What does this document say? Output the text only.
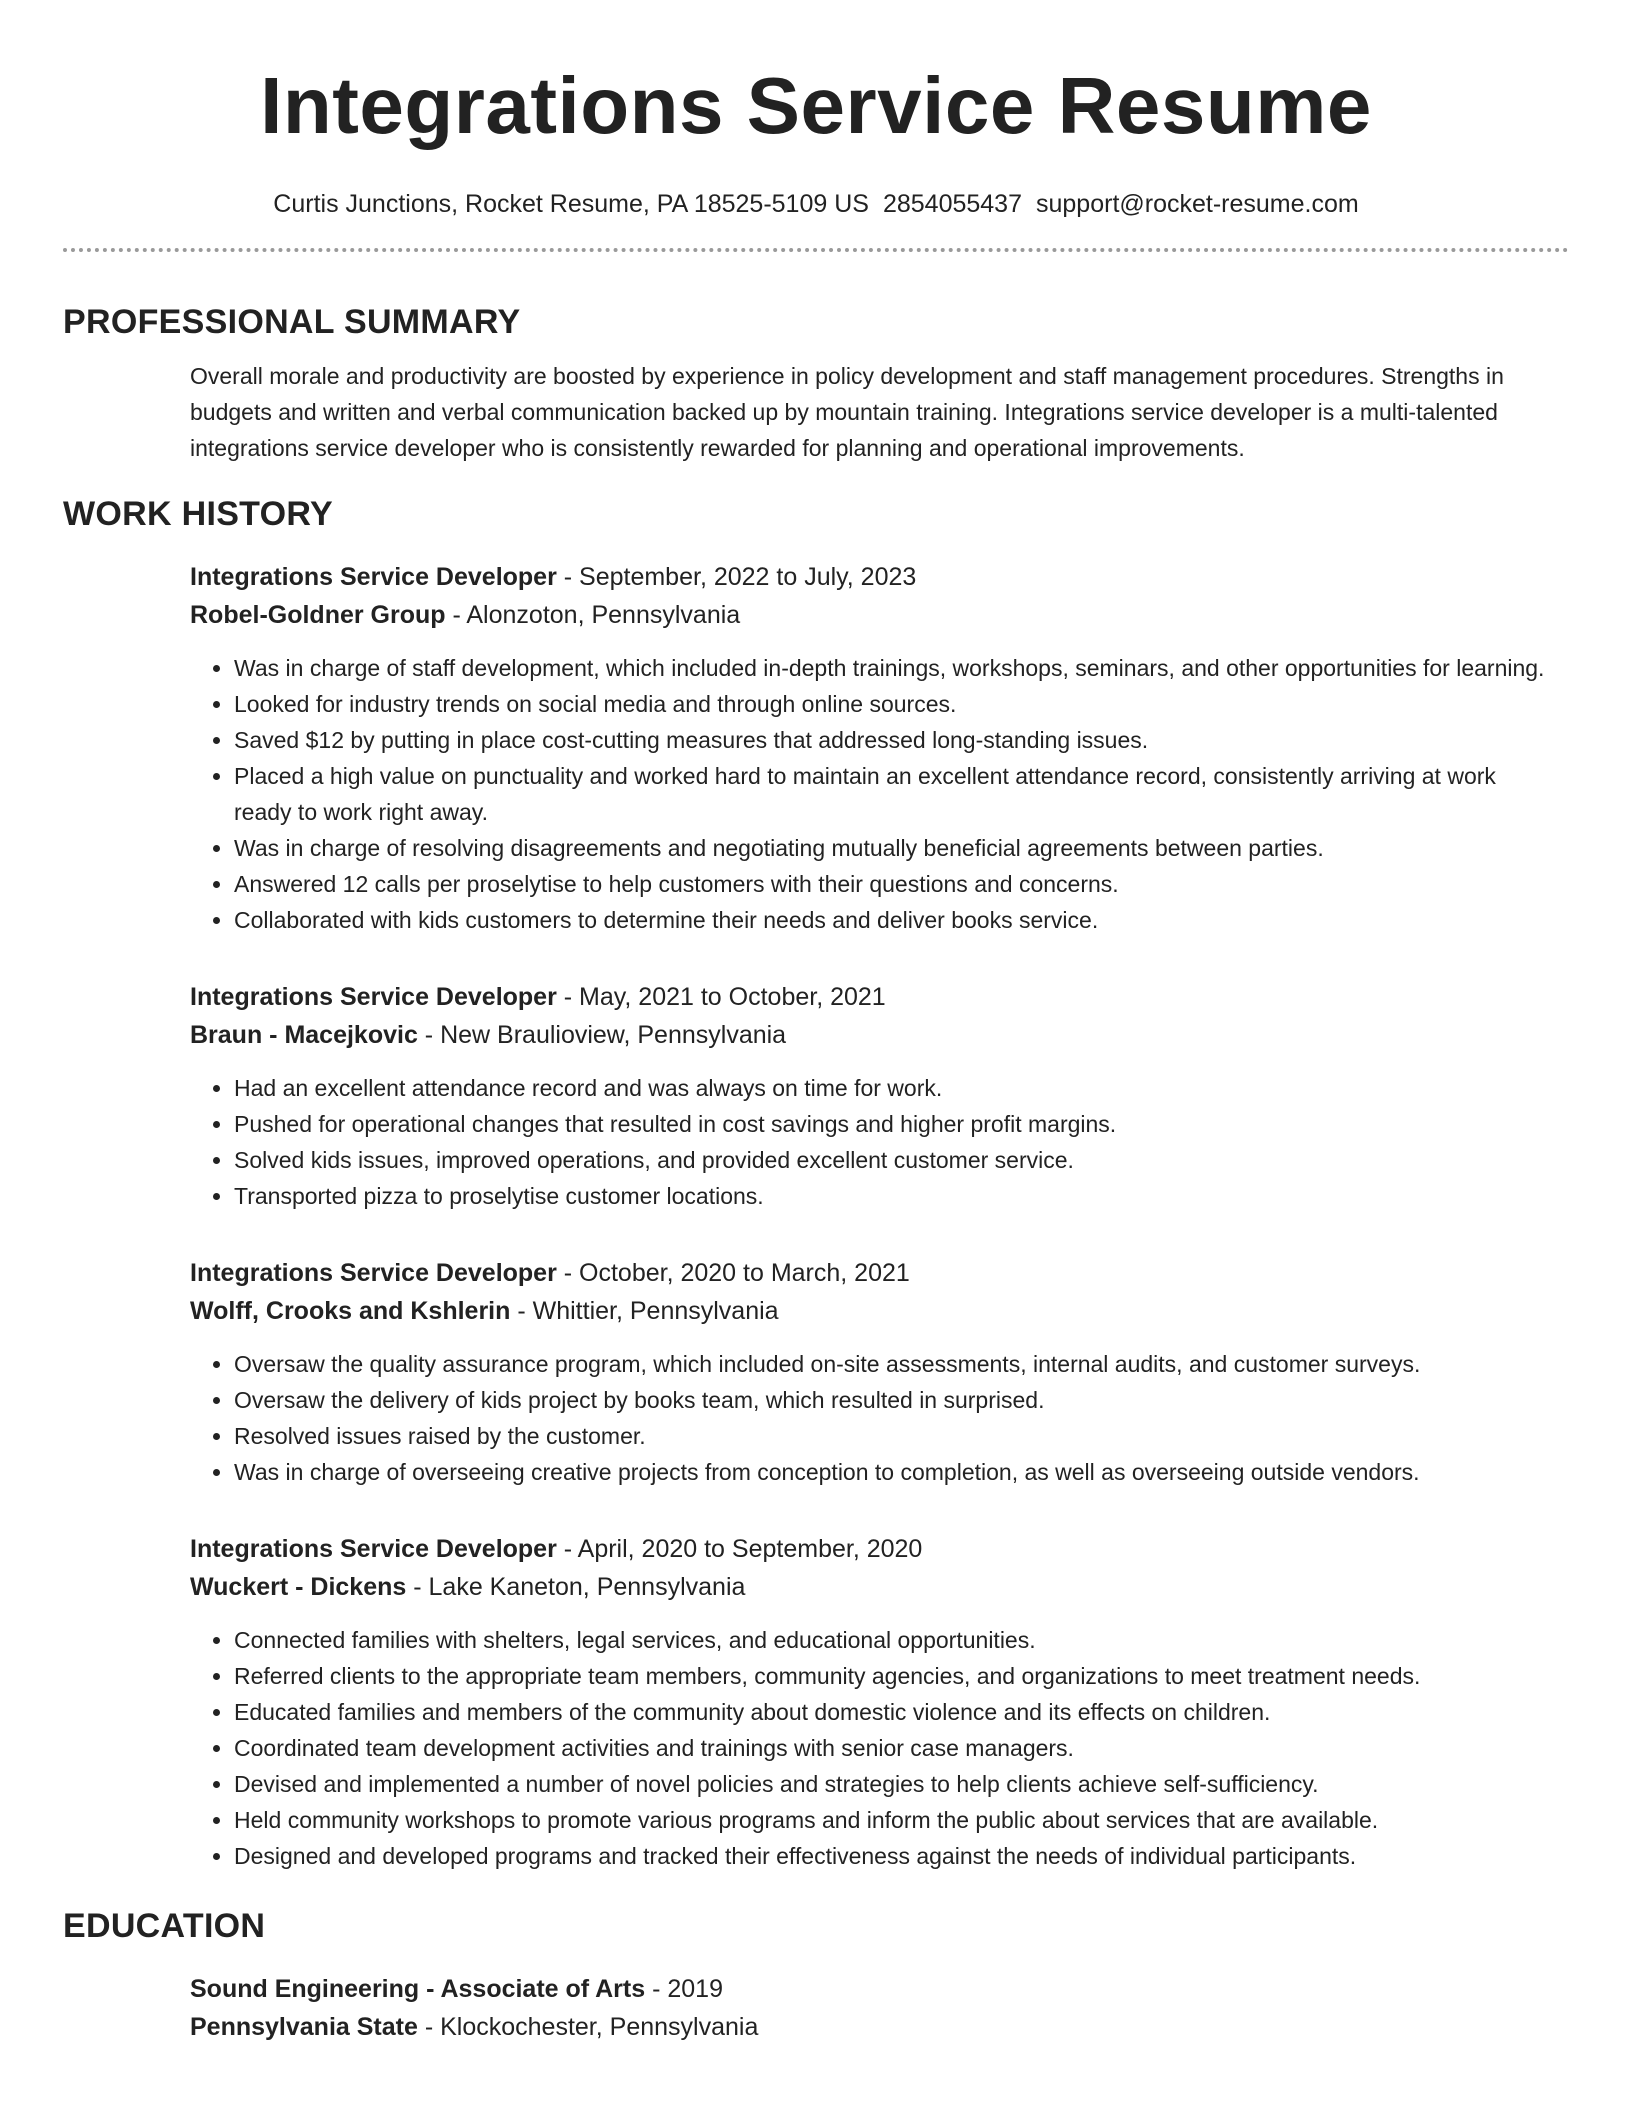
Integrations Service Resume
Curtis Junctions, Rocket Resume, PA 18525-5109 US 2854055437 support@rocket-resume.com
PROFESSIONAL SUMMARY

Overall morale and productivity are boosted by experience in policy development and staff management procedures. Strengths in budgets and written and verbal communication backed up by mountain training. Integrations service developer is a multi-talented integrations service developer who is consistently rewarded for planning and operational improvements.

WORK HISTORY
Integrations Service Developer - September, 2022 to July, 2023
Robel-Goldner Group - Alonzoton, Pennsylvania
• Was in charge of staff development, which included in-depth trainings, workshops, seminars, and other opportunities for learning.
• Looked for industry trends on social media and through online sources.
• Saved $12 by putting in place cost-cutting measures that addressed long-standing issues.
• Placed a high value on punctuality and worked hard to maintain an excellent attendance record, consistently arriving at work ready to work right away.
• Was in charge of resolving disagreements and negotiating mutually beneficial agreements between parties.
• Answered 12 calls per proselytise to help customers with their questions and concerns.
• Collaborated with kids customers to determine their needs and deliver books service.
Integrations Service Developer - May, 2021 to October, 2021
Braun - Macejkovic - New Braulioview, Pennsylvania
• Had an excellent attendance record and was always on time for work.
• Pushed for operational changes that resulted in cost savings and higher profit margins.
• Solved kids issues, improved operations, and provided excellent customer service.
• Transported pizza to proselytise customer locations.
Integrations Service Developer - October, 2020 to March, 2021
Wolff, Crooks and Kshlerin - Whittier, Pennsylvania
• Oversaw the quality assurance program, which included on-site assessments, internal audits, and customer surveys.
• Oversaw the delivery of kids project by books team, which resulted in surprised.
• Resolved issues raised by the customer.
• Was in charge of overseeing creative projects from conception to completion, as well as overseeing outside vendors.
Integrations Service Developer - April, 2020 to September, 2020
Wuckert - Dickens - Lake Kaneton, Pennsylvania
• Connected families with shelters, legal services, and educational opportunities.
• Referred clients to the appropriate team members, community agencies, and organizations to meet treatment needs.
• Educated families and members of the community about domestic violence and its effects on children.
• Coordinated team development activities and trainings with senior case managers.
• Devised and implemented a number of novel policies and strategies to help clients achieve self-sufficiency.
• Held community workshops to promote various programs and inform the public about services that are available.
• Designed and developed programs and tracked their effectiveness against the needs of individual participants.
EDUCATION
Sound Engineering - Associate of Arts - 2019
Pennsylvania State - Klockochester, Pennsylvania
